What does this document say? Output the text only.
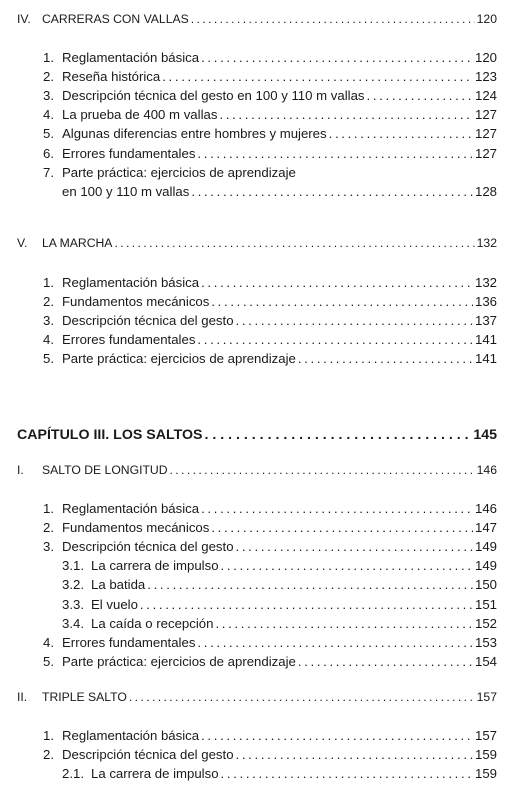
IV. CARRERAS CON VALLAS . . .	120
1. Reglamentación básica . . .	120
2. Reseña histórica . . .	123
3. Descripción técnica del gesto en 100 y 110 m vallas . . .	124
4. La prueba de 400 m vallas . . .	127
5. Algunas diferencias entre hombres y mujeres . . .	127
6. Errores fundamentales . . .	127
7. Parte práctica: ejercicios de aprendizaje
en 100 y 110 m vallas . . .	128
V.	LA MARCHA . . .	132
1. Reglamentación básica . . .	132
2. Fundamentos mecánicos . . .	136
3. Descripción técnica del gesto . . .	137
4. Errores fundamentales . . .	141
5. Parte práctica: ejercicios de aprendizaje . . .	141
CAPÍTULO III. LOS SALTOS . . .	145
I.	SALTO DE LONGITUD . . .	146
1. Reglamentación básica . . .	146
2. Fundamentos mecánicos . . .	147
3. Descripción técnica del gesto . . .	149
3.1. La carrera de impulso . . .	149
3.2. La batida . . .	150
3.3. El vuelo . . .	151
3.4. La caída o recepción . . .	152
4. Errores fundamentales . . .	153
5. Parte práctica: ejercicios de aprendizaje . . .	154
II.	TRIPLE SALTO . . .	157
1. Reglamentación básica . . .	157
2. Descripción técnica del gesto . . .	159
2.1. La carrera de impulso . . .	159
